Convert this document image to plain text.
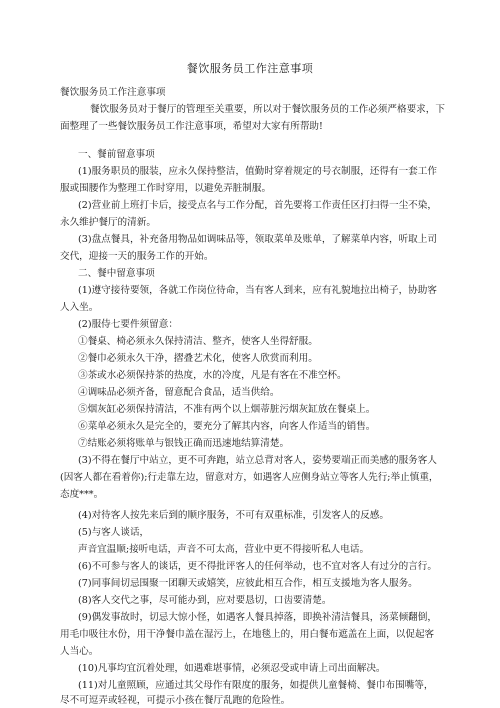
餐饮服务员工作注意事项
餐饮服务员工作注意事项
餐饮服务员对于餐厅的管理至关重要，所以对于餐饮服务员的工作必须严格要求，下
面整理了一些餐饮服务员工作注意事项，希望对大家有所帮助!
一、餐前留意事项
(1)服务职员的服装，应永久保持整洁，值勤时穿着规定的号衣制服，还得有一套工作
服或围腰作为整理工作时穿用，以避免弄脏制服。
(2)营业前上班打卡后，接受点名与工作分配，首先要将工作责任区打扫得一尘不染，
永久维护餐厅的清新。
(3)盘点餐具，补充备用物品如调味品等，领取菜单及账单，了解菜单内容，听取上司
交代，迎接一天的服务工作的开始。
二、餐中留意事项
(1)遵守接待要领，各就工作岗位待命，当有客人到来，应有礼貌地拉出椅子，协助客
人入坐。
(2)服侍七要件须留意：
①餐桌、椅必须永久保持清洁、整齐，使客人坐得舒服。
②餐巾必须永久干净，摺叠艺术化，使客人欣赏而利用。
③茶或水必须保持茶的热度，水的冷度，凡是有客在不准空杯。
④调味品必须齐备，留意配合食品，适当供给。
⑤烟灰缸必须保持清洁，不准有两个以上烟蒂脏污烟灰缸放在餐桌上。
⑥菜单必须永久是完全的，要充分了解其内容，向客人作适当的销售。
⑦结账必须将账单与银钱正确而迅速地结算清楚。
(3)不得在餐厅中站立，更不可奔跑，站立总背对客人，姿势要端正而美感的服务客人
(因客人都在看着你);行走靠左边，留意对方，如遇客人应侧身站立等客人先行;举止慎重，
态度***。
(4)对待客人按先来后到的顺序服务，不可有双重标准，引发客人的反感。
(5)与客人谈话，
声音宜温顺;接听电话，声音不可太高，营业中更不得接听私人电话。
(6)不可参与客人的谈话，更不得批评客人的任何举动，也不宜对客人有过分的言行。
(7)同事间切忌围聚一团聊天或嬉笑，应彼此相互合作，相互支援地为客人服务。
(8)客人交代之事，尽可能办到，应对要恳切，口齿要清楚。
(9)偶发事故时，切忌大惊小怪，如遇客人餐具掉落，即换补清洁餐具，汤菜倾翻倒，
用毛巾吸往水份，用干净餐巾盖在湿污上，在地毯上的，用白餐布遮盖在上面，以促起客
人当心。
(10)凡事均宜沉着处理，如遇难堪事情，必须忍受或申请上司出面解决。
(11)对儿童照顾，应通过其父母作有限度的服务，如提供儿童餐椅、餐巾布围嘴等，
尽不可逗弄或轻视，可提示小孩在餐厅乱跑的危险性。
